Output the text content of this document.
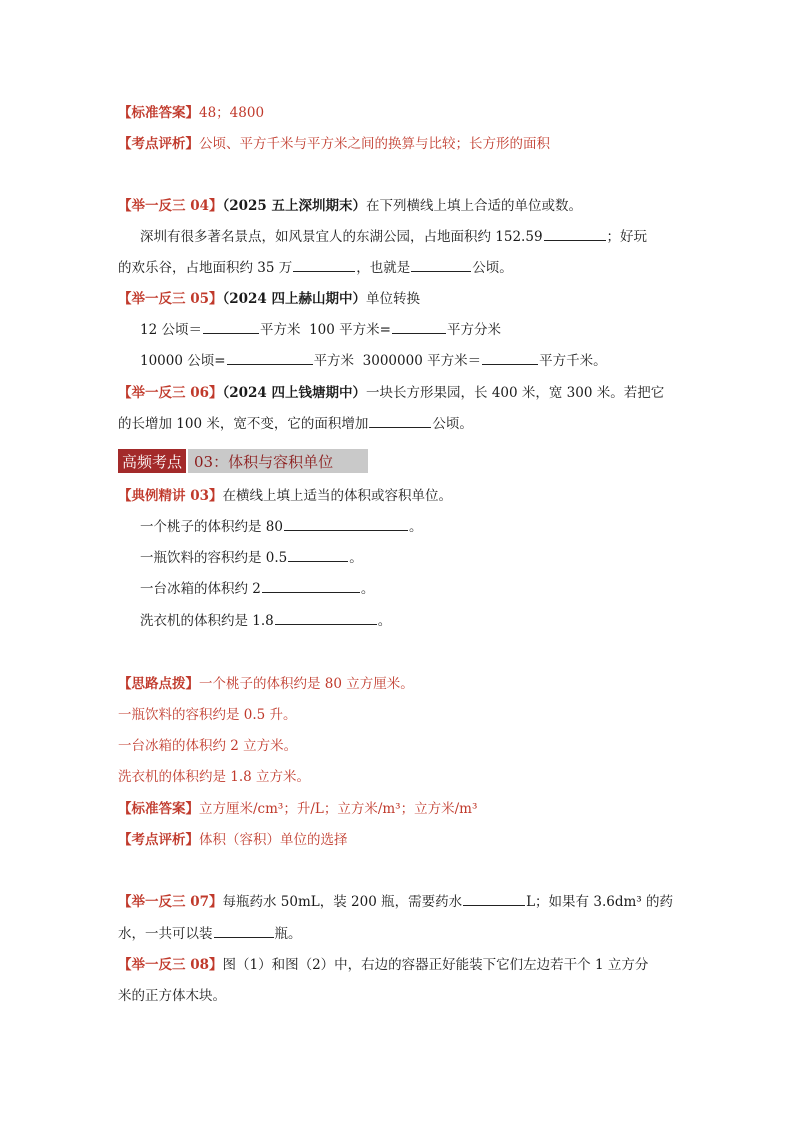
【标准答案】48；4800
【考点评析】公顷、平方千米与平方米之间的换算与比较；长方形的面积
【举一反三 04】（2025 五上深圳期末）在下列横线上填上合适的单位或数。
深圳有很多著名景点，如风景宜人的东湖公园，占地面积约 152.59	；好玩
的欢乐谷，占地面积约 35 万	，也就是	公顷。
【举一反三 05】（2024 四上赫山期中）单位转换
12 公顷＝	平方米 100 平方米=	平方分米
10000 公顷=	平方米 3000000 平方米＝	平方千米。
【举一反三 06】（2024 四上钱塘期中）一块长方形果园，长 400 米，宽 300 米。若把它
的长增加 100 米，宽不变，它的面积增加	公顷。
高频考点 03：体积与容积单位
【典例精讲 03】在横线上填上适当的体积或容积单位。
一个桃子的体积约是 80	。
一瓶饮料的容积约是 0.5	。
一台冰箱的体积约 2	。
洗衣机的体积约是 1.8	。
【思路点拨】一个桃子的体积约是 80 立方厘米。
一瓶饮料的容积约是 0.5 升。
一台冰箱的体积约 2 立方米。
洗衣机的体积约是 1.8 立方米。
【标准答案】立方厘米/cm³；升/L；立方米/m³；立方米/m³
【考点评析】体积（容积）单位的选择
【举一反三 07】每瓶药水 50mL，装 200 瓶，需要药水	L；如果有 3.6dm³ 的药
水，一共可以装	瓶。
【举一反三 08】图（1）和图（2）中，右边的容器正好能装下它们左边若干个 1 立方分
米的正方体木块。
